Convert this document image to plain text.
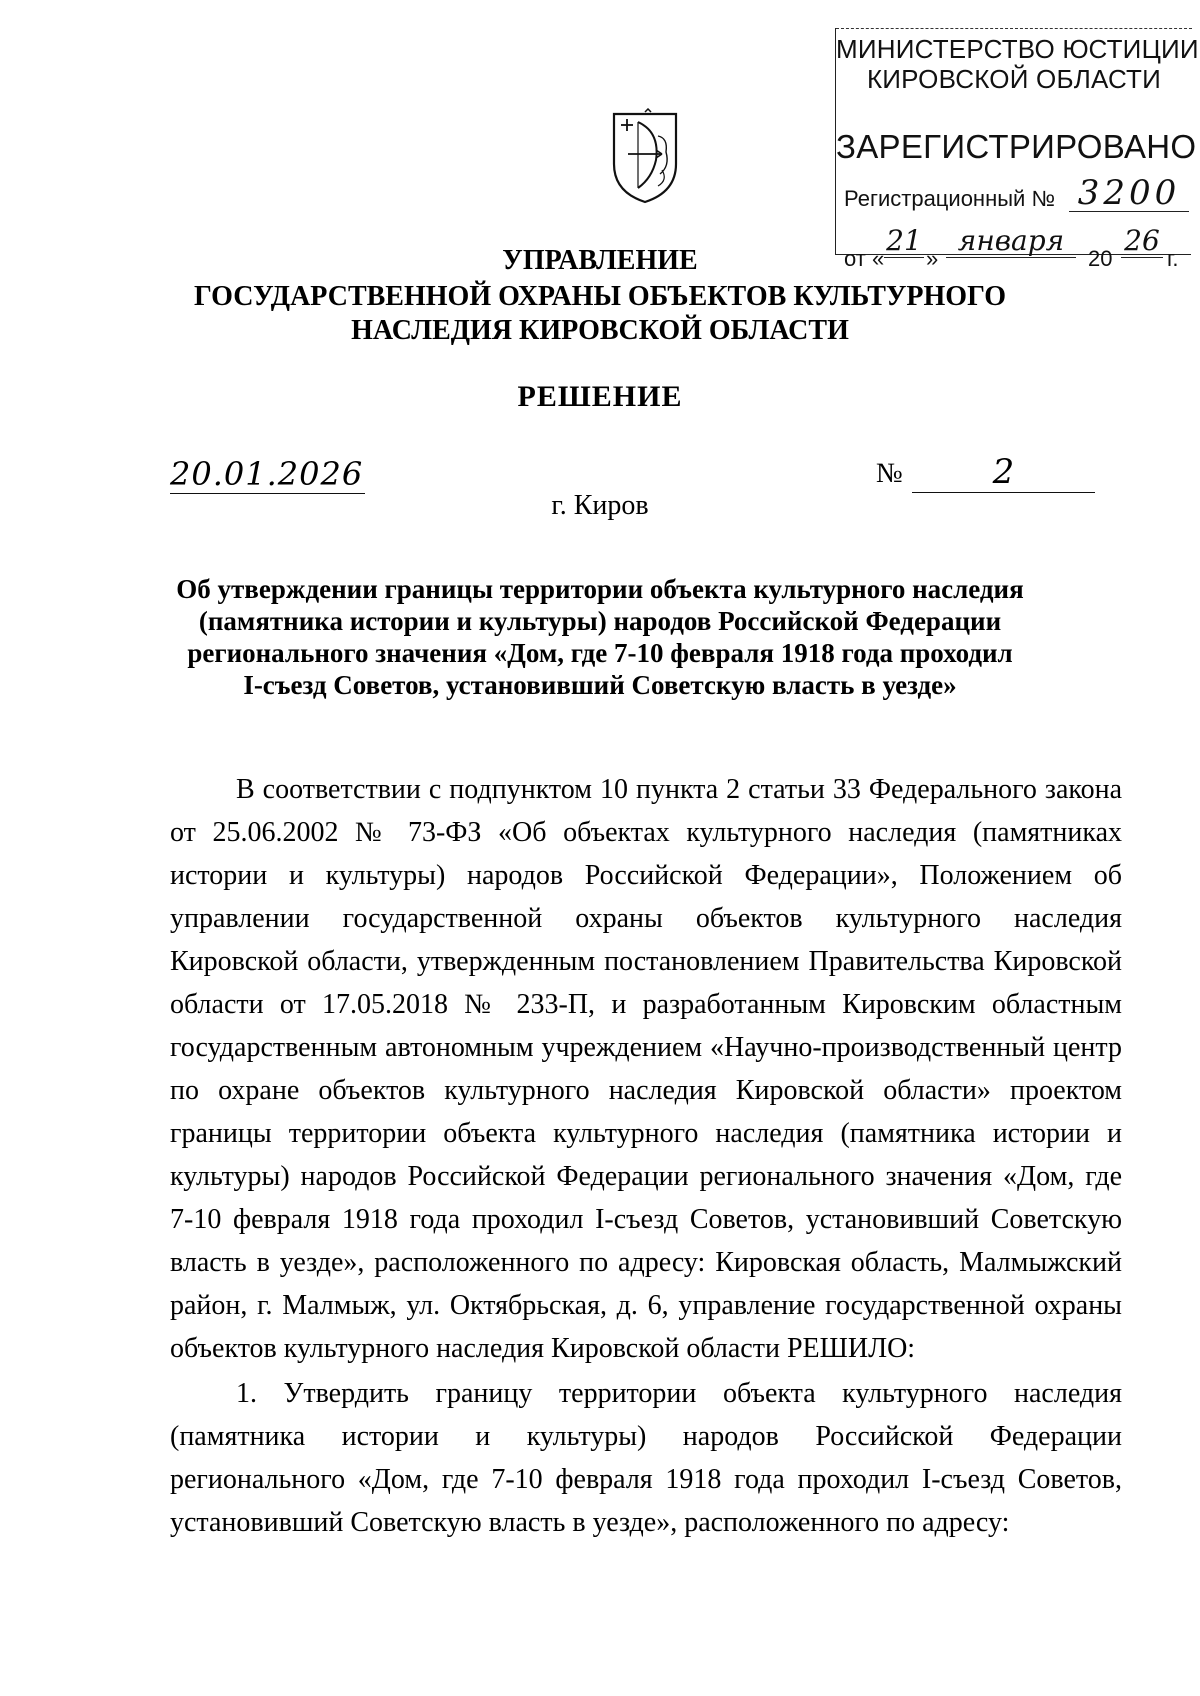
МИНИСТЕРСТВО ЮСТИЦИИ
КИРОВСКОЙ ОБЛАСТИ
ЗАРЕГИСТРИРОВАНО
Регистрационный № 3200
от «
21
»
января
20
26
г.
УПРАВЛЕНИЕ
ГОСУДАРСТВЕННОЙ ОХРАНЫ ОБЪЕКТОВ КУЛЬТУРНОГО
НАСЛЕДИЯ КИРОВСКОЙ ОБЛАСТИ
РЕШЕНИЕ
20.01.2026	№	2
г. Киров
Об утверждении границы территории объекта культурного наследия
(памятника истории и культуры) народов Российской Федерации
регионального значения «Дом, где 7-10 февраля 1918 года проходил
I-съезд Советов, установивший Советскую власть в уезде»

В соответствии с подпунктом 10 пункта 2 статьи 33 Федерального закона от 25.06.2002 № 73-ФЗ «Об объектах культурного наследия (памятниках истории и культуры) народов Российской Федерации», Положением об управлении государственной охраны объектов культурного наследия Кировской области, утвержденным постановлением Правительства Кировской области от 17.05.2018 № 233-П, и разработанным Кировским областным государственным автономным учреждением «Научно-производственный центр по охране объектов культурного наследия Кировской области» проектом границы территории объекта культурного наследия (памятника истории и культуры) народов Российской Федерации регионального значения «Дом, где 7-10 февраля 1918 года проходил I-съезд Советов, установивший Советскую власть в уезде», расположенного по адресу: Кировская область, Малмыжский район, г. Малмыж, ул. Октябрьская, д. 6, управление государственной охраны объектов культурного наследия Кировской области РЕШИЛО:

1. Утвердить границу территории объекта культурного наследия (памятника истории и культуры) народов Российской Федерации регионального «Дом, где 7-10 февраля 1918 года проходил I-съезд Советов, установивший Советскую власть в уезде», расположенного по адресу:
